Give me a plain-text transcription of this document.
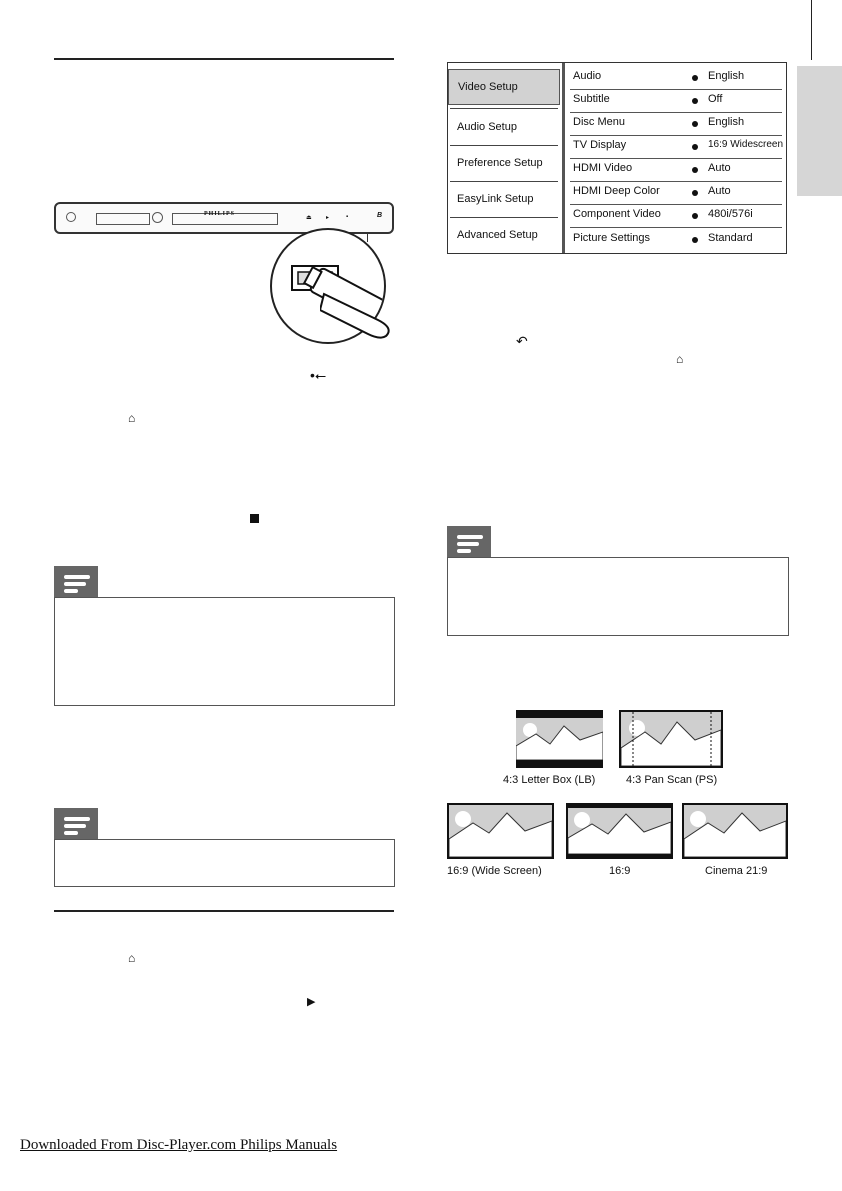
PHILIPS
⏏ ▸	▪	B
•⭠
⌂
⌂
▶
Video Setup
Audio Setup
Preference Setup
EasyLink Setup
Advanced Setup
Audio	English
Subtitle	Off
Disc Menu	English
TV Display	16:9 Widescreen
HDMI Video	Auto
HDMI Deep Color	Auto
Component Video	480i/576i
Picture Settings	Standard
↶
⌂
4:3 Letter Box (LB)	4:3 Pan Scan (PS)
16:9 (Wide Screen)	16:9	Cinema 21:9
Downloaded From Disc-Player.com Philips Manuals
